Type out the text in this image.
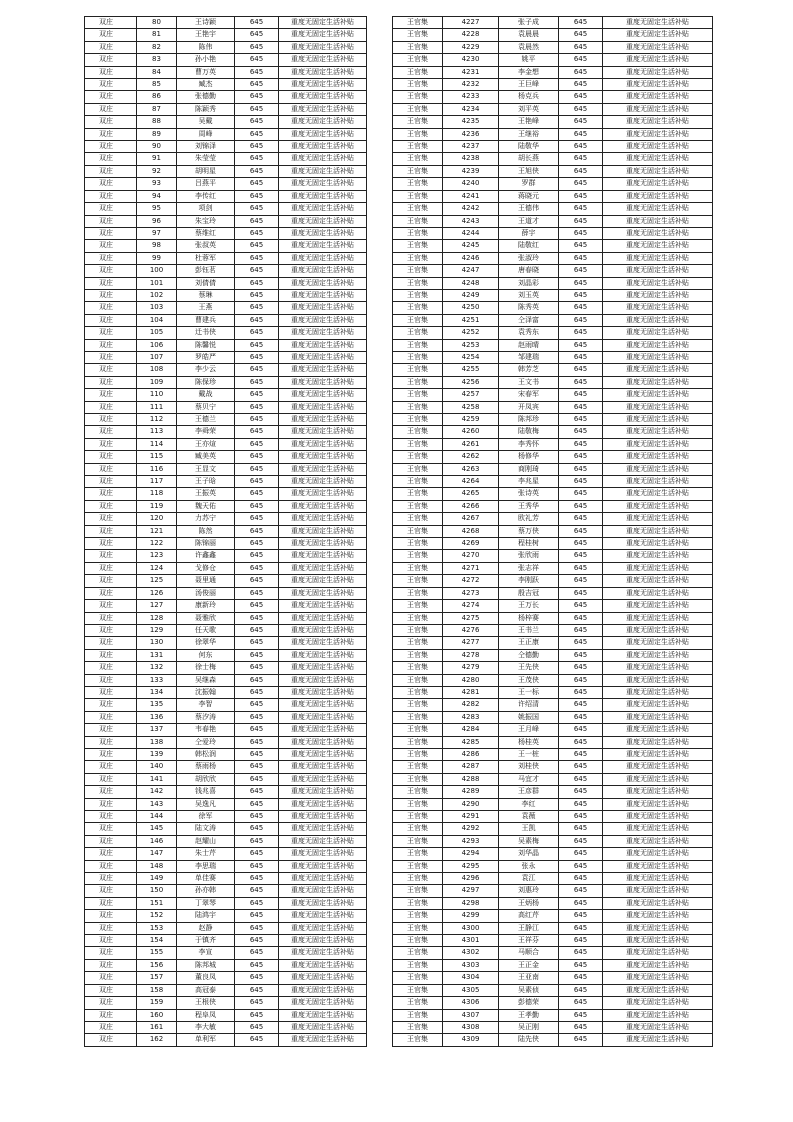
双庄	80	王诗颖	645	重度无固定生活补贴
双庄	81	王艳宇	645	重度无固定生活补贴
双庄	82	陈伟	645	重度无固定生活补贴
双庄	83	孙小艳	645	重度无固定生活补贴
双庄	84	曹万英	645	重度无固定生活补贴
双庄	85	臧杰	645	重度无固定生活补贴
双庄	86	张德勤	645	重度无固定生活补贴
双庄	87	陈颖秀	645	重度无固定生活补贴
双庄	88	吴戴	645	重度无固定生活补贴
双庄	89	周峰	645	重度无固定生活补贴
双庄	90	刘锦泽	645	重度无固定生活补贴
双庄	91	朱莹莹	645	重度无固定生活补贴
双庄	92	胡明星	645	重度无固定生活补贴
双庄	93	吕燕平	645	重度无固定生活补贴
双庄	94	李传红	645	重度无固定生活补贴
双庄	95	项剑	645	重度无固定生活补贴
双庄	96	朱宝玲	645	重度无固定生活补贴
双庄	97	蔡维红	645	重度无固定生活补贴
双庄	98	张叔英	645	重度无固定生活补贴
双庄	99	杜蓉军	645	重度无固定生活补贴
双庄	100	彭钰茗	645	重度无固定生活补贴
双庄	101	刘倩倩	645	重度无固定生活补贴
双庄	102	蔡琳	645	重度无固定生活补贴
双庄	103	王燕	645	重度无固定生活补贴
双庄	104	曹建兵	645	重度无固定生活补贴
双庄	105	迁书侠	645	重度无固定生活补贴
双庄	106	陈馨悦	645	重度无固定生活补贴
双庄	107	罗皓严	645	重度无固定生活补贴
双庄	108	李少云	645	重度无固定生活补贴
双庄	109	陈保珍	645	重度无固定生活补贴
双庄	110	戴战	645	重度无固定生活补贴
双庄	111	蔡贝宁	645	重度无固定生活补贴
双庄	112	王德兰	645	重度无固定生活补贴
双庄	113	李舜荣	645	重度无固定生活补贴
双庄	114	王亦煊	645	重度无固定生活补贴
双庄	115	臧美英	645	重度无固定生活补贴
双庄	116	王显文	645	重度无固定生活补贴
双庄	117	王子晗	645	重度无固定生活补贴
双庄	118	王振英	645	重度无固定生活补贴
双庄	119	魏天佑	645	重度无固定生活补贴
双庄	120	力苏宁	645	重度无固定生活补贴
双庄	121	陈然	645	重度无固定生活补贴
双庄	122	陈锦丽	645	重度无固定生活补贴
双庄	123	许鑫鑫	645	重度无固定生活补贴
双庄	124	戈修仓	645	重度无固定生活补贴
双庄	125	聂里通	645	重度无固定生活补贴
双庄	126	汤俊丽	645	重度无固定生活补贴
双庄	127	康新玲	645	重度无固定生活补贴
双庄	128	聂雅欣	645	重度无固定生活补贴
双庄	129	任天歌	645	重度无固定生活补贴
双庄	130	徐翠华	645	重度无固定生活补贴
双庄	131	何东	645	重度无固定生活补贴
双庄	132	徐士梅	645	重度无固定生活补贴
双庄	133	吴继森	645	重度无固定生活补贴
双庄	134	沈振翰	645	重度无固定生活补贴
双庄	135	李智	645	重度无固定生活补贴
双庄	136	蔡汐涛	645	重度无固定生活补贴
双庄	137	韦春艳	645	重度无固定生活补贴
双庄	138	仝爱玲	645	重度无固定生活补贴
双庄	139	韩松润	645	重度无固定生活补贴
双庄	140	蔡雨杨	645	重度无固定生活补贴
双庄	141	胡欣欣	645	重度无固定生活补贴
双庄	142	钱兆喜	645	重度无固定生活补贴
双庄	143	吴逸凡	645	重度无固定生活补贴
双庄	144	徐军	645	重度无固定生活补贴
双庄	145	陆文涛	645	重度无固定生活补贴
双庄	146	赵耀山	645	重度无固定生活补贴
双庄	147	朱士芹	645	重度无固定生活补贴
双庄	148	李思瑞	645	重度无固定生活补贴
双庄	149	单佳赛	645	重度无固定生活补贴
双庄	150	孙亦韩	645	重度无固定生活补贴
双庄	151	丁翠琴	645	重度无固定生活补贴
双庄	152	陆鸿宇	645	重度无固定生活补贴
双庄	153	赵静	645	重度无固定生活补贴
双庄	154	于镇齐	645	重度无固定生活补贴
双庄	155	李宣	645	重度无固定生活补贴
双庄	156	陈邦城	645	重度无固定生活补贴
双庄	157	董良凤	645	重度无固定生活补贴
双庄	158	高冠泰	645	重度无固定生活补贴
双庄	159	王根侠	645	重度无固定生活补贴
双庄	160	程阜凤	645	重度无固定生活补贴
双庄	161	李大敏	645	重度无固定生活补贴
双庄	162	单利军	645	重度无固定生活补贴
王官集	4227	张子成	645	重度无固定生活补贴
王官集	4228	袁晨晨	645	重度无固定生活补贴
王官集	4229	袁晨然	645	重度无固定生活补贴
王官集	4230	姚平	645	重度无固定生活补贴
王官集	4231	李金想	645	重度无固定生活补贴
王官集	4232	王巨峰	645	重度无固定生活补贴
王官集	4233	杨克兵	645	重度无固定生活补贴
王官集	4234	刘平英	645	重度无固定生活补贴
王官集	4235	王艳峰	645	重度无固定生活补贴
王官集	4236	王继裕	645	重度无固定生活补贴
王官集	4237	陆敬华	645	重度无固定生活补贴
王官集	4238	胡长燕	645	重度无固定生活补贴
王官集	4239	王旭侠	645	重度无固定生活补贴
王官集	4240	罗群	645	重度无固定生活补贴
王官集	4241	蒋晓元	645	重度无固定生活补贴
王官集	4242	王德伟	645	重度无固定生活补贴
王官集	4243	王道才	645	重度无固定生活补贴
王官集	4244	薛宇	645	重度无固定生活补贴
王官集	4245	陆敬红	645	重度无固定生活补贴
王官集	4246	张淑玲	645	重度无固定生活补贴
王官集	4247	唐春晓	645	重度无固定生活补贴
王官集	4248	刘晶彩	645	重度无固定生活补贴
王官集	4249	刘玉英	645	重度无固定生活补贴
王官集	4250	陈秀英	645	重度无固定生活补贴
王官集	4251	仝泽富	645	重度无固定生活补贴
王官集	4252	袁秀东	645	重度无固定生活补贴
王官集	4253	赵雨晴	645	重度无固定生活补贴
王官集	4254	邹建瑞	645	重度无固定生活补贴
王官集	4255	韩芳芝	645	重度无固定生活补贴
王官集	4256	王文书	645	重度无固定生活补贴
王官集	4257	宋春军	645	重度无固定生活补贴
王官集	4258	开凤宾	645	重度无固定生活补贴
王官集	4259	陈邦珍	645	重度无固定生活补贴
王官集	4260	陆敬梅	645	重度无固定生活补贴
王官集	4261	李秀怀	645	重度无固定生活补贴
王官集	4262	杨修华	645	重度无固定生活补贴
王官集	4263	商刚琦	645	重度无固定生活补贴
王官集	4264	李兆星	645	重度无固定生活补贴
王官集	4265	张诗英	645	重度无固定生活补贴
王官集	4266	王秀华	645	重度无固定生活补贴
王官集	4267	欧礼芳	645	重度无固定生活补贴
王官集	4268	蔡万侠	645	重度无固定生活补贴
王官集	4269	程桂树	645	重度无固定生活补贴
王官集	4270	张欣雨	645	重度无固定生活补贴
王官集	4271	张志祥	645	重度无固定生活补贴
王官集	4272	李刚跃	645	重度无固定生活补贴
王官集	4273	殷吉冠	645	重度无固定生活补贴
王官集	4274	王万长	645	重度无固定生活补贴
王官集	4275	杨梓赛	645	重度无固定生活补贴
王官集	4276	王书兰	645	重度无固定生活补贴
王官集	4277	王正康	645	重度无固定生活补贴
王官集	4278	仝德勤	645	重度无固定生活补贴
王官集	4279	王先侠	645	重度无固定生活补贴
王官集	4280	王茂侠	645	重度无固定生活补贴
王官集	4281	王一标	645	重度无固定生活补贴
王官集	4282	许绍清	645	重度无固定生活补贴
王官集	4283	姚振国	645	重度无固定生活补贴
王官集	4284	王月峰	645	重度无固定生活补贴
王官集	4285	杨桂英	645	重度无固定生活补贴
王官集	4286	王一桩	645	重度无固定生活补贴
王官集	4287	刘桂侠	645	重度无固定生活补贴
王官集	4288	马宜才	645	重度无固定生活补贴
王官集	4289	王彦群	645	重度无固定生活补贴
王官集	4290	李红	645	重度无固定生活补贴
王官集	4291	袁薇	645	重度无固定生活补贴
王官集	4292	王凯	645	重度无固定生活补贴
王官集	4293	吴素梅	645	重度无固定生活补贴
王官集	4294	刘华晶	645	重度无固定生活补贴
王官集	4295	张永	645	重度无固定生活补贴
王官集	4296	袁江	645	重度无固定生活补贴
王官集	4297	刘惠玲	645	重度无固定生活补贴
王官集	4298	王炳杨	645	重度无固定生活补贴
王官集	4299	高红芹	645	重度无固定生活补贴
王官集	4300	王静江	645	重度无固定生活补贴
王官集	4301	王祥芬	645	重度无固定生活补贴
王官集	4302	马顺合	645	重度无固定生活补贴
王官集	4303	王正金	645	重度无固定生活补贴
王官集	4304	王亚南	645	重度无固定生活补贴
王官集	4305	吴素侦	645	重度无固定生活补贴
王官集	4306	彭德荣	645	重度无固定生活补贴
王官集	4307	王孝勤	645	重度无固定生活补贴
王官集	4308	吴正刚	645	重度无固定生活补贴
王官集	4309	陆先侠	645	重度无固定生活补贴
